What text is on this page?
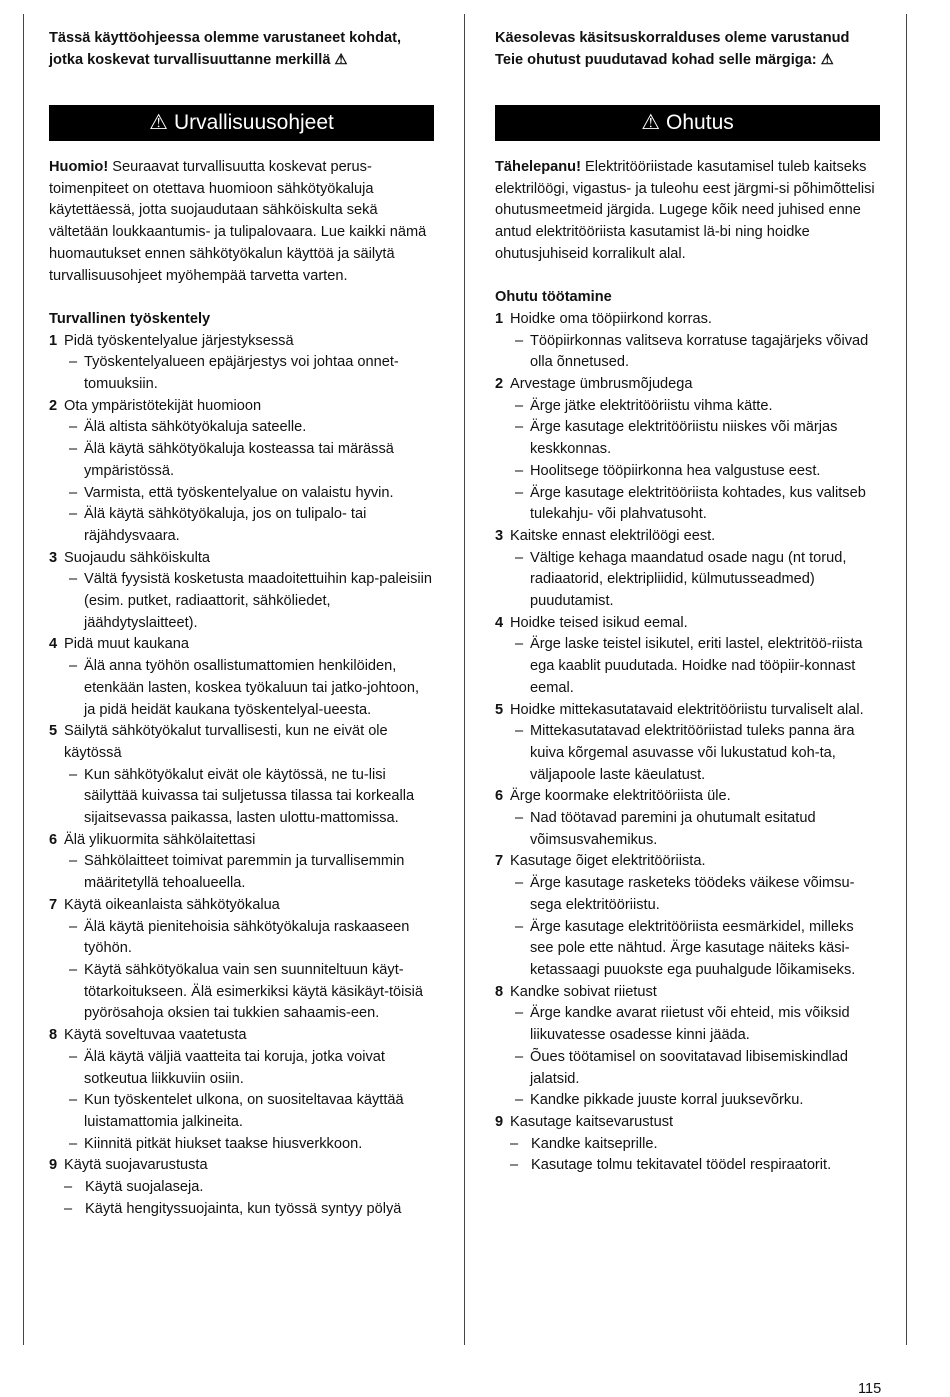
Tässä käyttöohjeessa olemme varustaneet kohdat, jotka koskevat turvallisuuttanne merkillä ⚠
⚠ Urvallisuusohjeet

Huomio! Seuraavat turvallisuutta koskevat perus-toimenpiteet on otettava huomioon sähkötyökaluja käytettäessä, jotta suojaudutaan sähköiskulta sekä vältetään loukkaantumis- ja tulipalovaara. Lue kaikki nämä huomautukset ennen sähkötyökalun käyttöä ja säilytä turvallisuusohjeet myöhempää tarvetta varten.

Turvallinen työskentely
1 Pidä työskentelyalue järjestyksessä
– Työskentelyalueen epäjärjestys voi johtaa onnet-tomuuksiin.
2 Ota ympäristötekijät huomioon
– Älä altista sähkötyökaluja sateelle.
– Älä käytä sähkötyökaluja kosteassa tai märässä ympäristössä.
– Varmista, että työskentelyalue on valaistu hyvin.
– Älä käytä sähkötyökaluja, jos on tulipalo- tai räjähdysvaara.
3 Suojaudu sähköiskulta
– Vältä fyysistä kosketusta maadoitettuihin kap-paleisiin (esim. putket, radiaattorit, sähköliedet, jäähdytyslaitteet).
4 Pidä muut kaukana
– Älä anna työhön osallistumattomien henkilöiden, etenkään lasten, koskea työkaluun tai jatko-johtoon, ja pidä heidät kaukana työskentelyal-ueesta.
5 Säilytä sähkötyökalut turvallisesti, kun ne eivät ole käytössä
– Kun sähkötyökalut eivät ole käytössä, ne tu-lisi säilyttää kuivassa tai suljetussa tilassa tai korkealla sijaitsevassa paikassa, lasten ulottu-mattomissa.
6 Älä ylikuormita sähkölaitettasi
– Sähkölaitteet toimivat paremmin ja turvallisemmin määritetyllä tehoalueella.
7 Käytä oikeanlaista sähkötyökalua
– Älä käytä pienitehoisia sähkötyökaluja raskaaseen työhön.
– Käytä sähkötyökalua vain sen suunniteltuun käyt-tötarkoitukseen. Älä esimerkiksi käytä käsikäyt-töisiä pyörösahoja oksien tai tukkien sahaamis-een.
8 Käytä soveltuvaa vaatetusta
– Älä käytä väljiä vaatteita tai koruja, jotka voivat sotkeutua liikkuviin osiin.
– Kun työskentelet ulkona, on suositeltavaa käyttää luistamattomia jalkineita.
– Kiinnitä pitkät hiukset taakse hiusverkkoon.
9 Käytä suojavarustusta
– Käytä suojalaseja.
– Käytä hengityssuojainta, kun työssä syntyy pölyä
Käesolevas käsitsuskorralduses oleme varustanud Teie ohutust puudutavad kohad selle märgiga: ⚠
⚠ Ohutus

Tähelepanu! Elektritööriistade kasutamisel tuleb kaitseks elektrilöögi, vigastus- ja tuleohu eest järgmi-si põhimõttelisi ohutusmeetmeid järgida. Lugege kõik need juhised enne antud elektritööriista kasutamist lä-bi ning hoidke ohutusjuhiseid korralikult alal.

Ohutu töötamine
1 Hoidke oma tööpiirkond korras.
– Tööpiirkonnas valitseva korratuse tagajärjeks võivad olla õnnetused.
2 Arvestage ümbrusmõjudega
– Ärge jätke elektritööriistu vihma kätte.
– Ärge kasutage elektritööriistu niiskes või märjas keskkonnas.
– Hoolitsege tööpiirkonna hea valgustuse eest.
– Ärge kasutage elektritööriista kohtades, kus valitseb tulekahju- või plahvatusoht.
3 Kaitske ennast elektrilöögi eest.
– Vältige kehaga maandatud osade nagu (nt torud, radiaatorid, elektripliidid, külmutusseadmed) puudutamist.
4 Hoidke teised isikud eemal.
– Ärge laske teistel isikutel, eriti lastel, elektritöö-riista ega kaablit puudutada. Hoidke nad tööpiir-konnast eemal.
5 Hoidke mittekasutatavaid elektritööriistu turvaliselt alal.
– Mittekasutatavad elektritööriistad tuleks panna ära kuiva kõrgemal asuvasse või lukustatud koh-ta, väljapoole laste käeulatust.
6 Ärge koormake elektritööriista üle.
– Nad töötavad paremini ja ohutumalt esitatud võimsusvahemikus.
7 Kasutage õiget elektritööriista.
– Ärge kasutage rasketeks töödeks väikese võimsu-sega elektritööriistu.
– Ärge kasutage elektritööriista eesmärkidel, milleks see pole ette nähtud. Ärge kasutage näiteks käsi-ketassaagi puuokste ega puuhalgude lõikamiseks.
8 Kandke sobivat riietust
– Ärge kandke avarat riietust või ehteid, mis võiksid liikuvatesse osadesse kinni jääda.
– Õues töötamisel on soovitatavad libisemiskindlad jalatsid.
– Kandke pikkade juuste korral juuksevõrku.
9 Kasutage kaitsevarustust
– Kandke kaitseprille.
– Kasutage tolmu tekitavatel töödel respiraatorit.
115
